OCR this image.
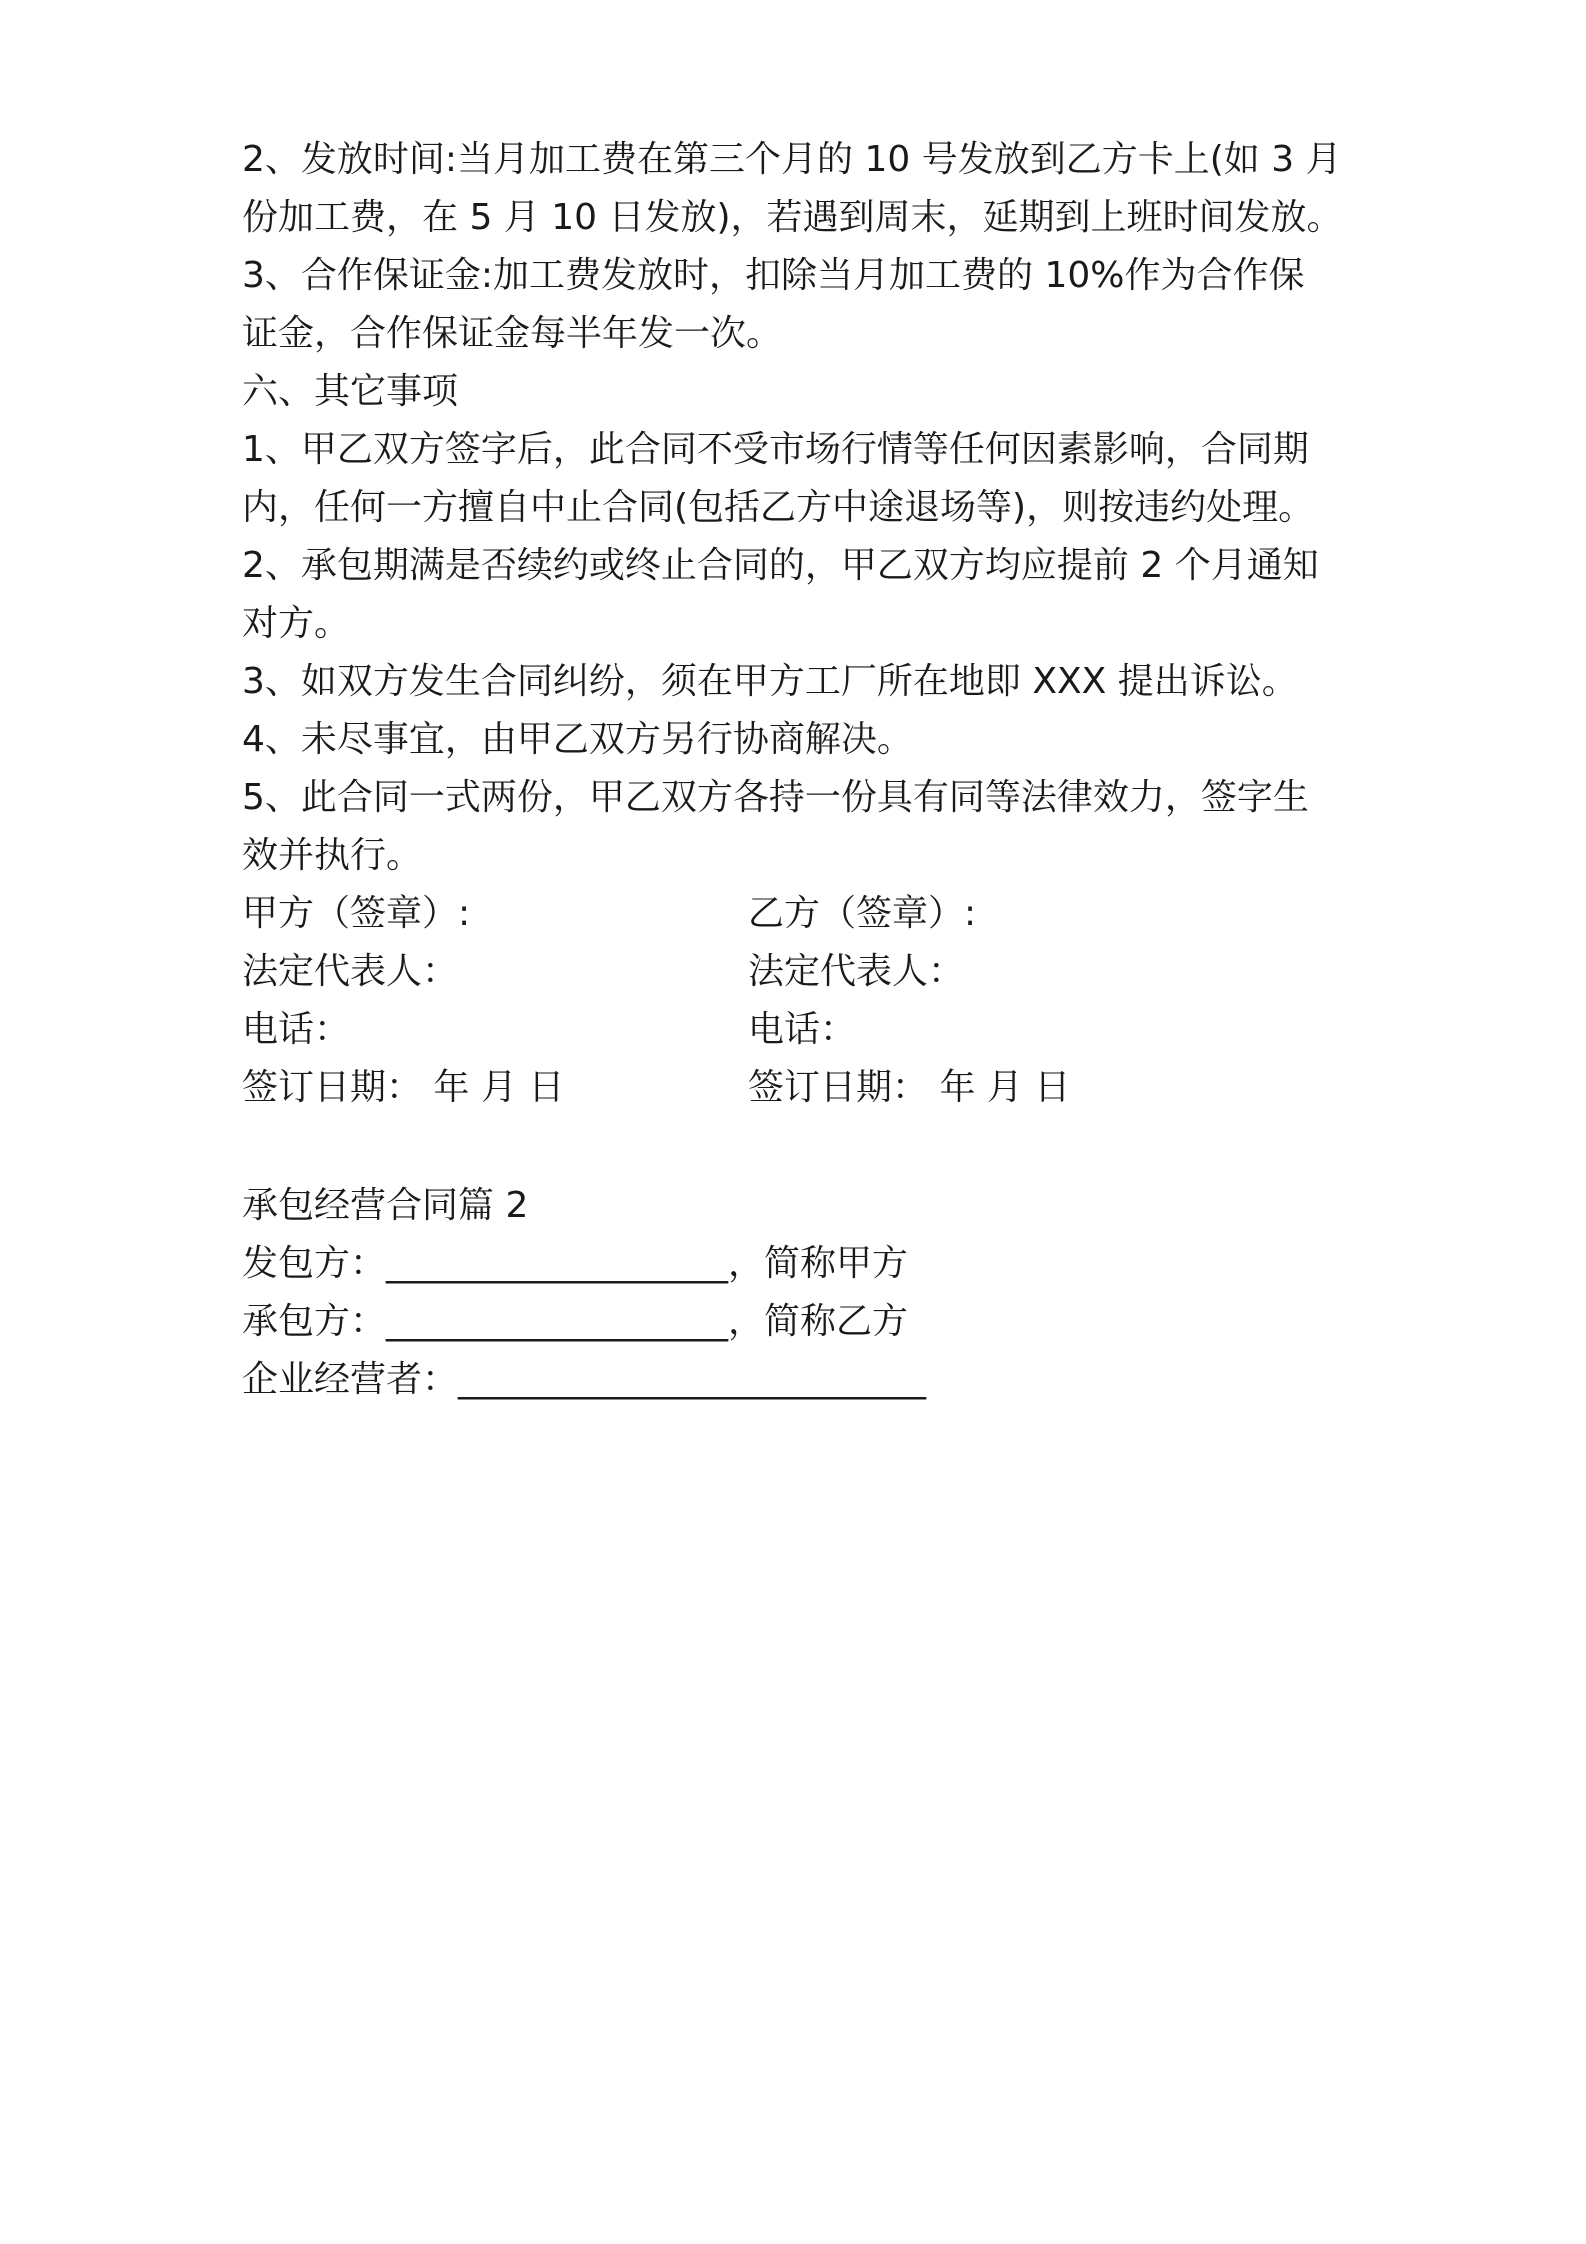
2、发放时间:当月加工费在第三个月的 10 号发放到乙方卡上(如 3 月
份加工费，在 5 月 10 日发放)，若遇到周末，延期到上班时间发放。
3、合作保证金:加工费发放时，扣除当月加工费的 10%作为合作保
证金，合作保证金每半年发一次。
六、其它事项
1、甲乙双方签字后，此合同不受市场行情等任何因素影响，合同期
内，任何一方擅自中止合同(包括乙方中途退场等)，则按违约处理。
2、承包期满是否续约或终止合同的，甲乙双方均应提前 2 个月通知
对方。
3、如双方发生合同纠纷，须在甲方工厂所在地即 XXX 提出诉讼。
4、未尽事宜，由甲乙双方另行协商解决。
5、此合同一式两份，甲乙双方各持一份具有同等法律效力，签字生
效并执行。
甲方（签章）:	乙方（签章）:
法定代表人：	法定代表人：
电话：	电话：
签订日期： 年 月 日	签订日期： 年 月 日
承包经营合同篇 2
发包方：___________________，简称甲方
承包方：___________________，简称乙方
企业经营者：__________________________
